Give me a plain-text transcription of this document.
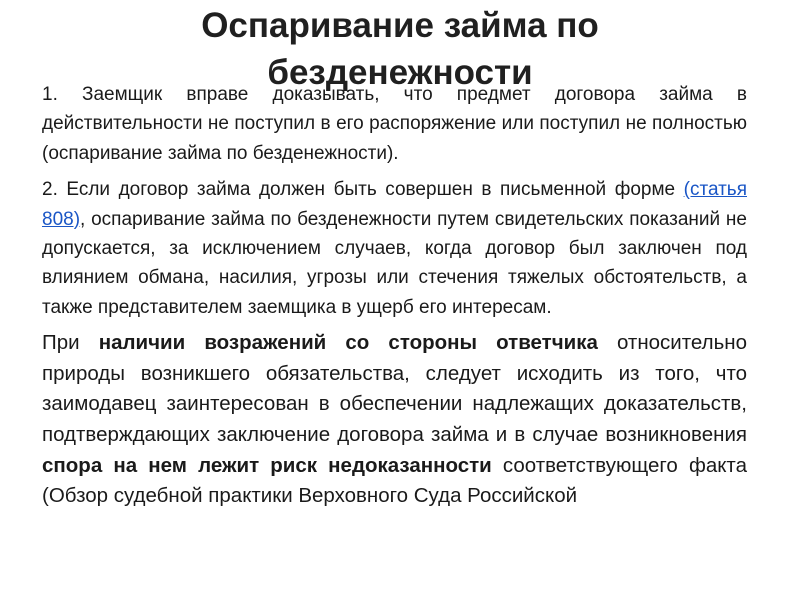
Оспаривание займа по безденежности

1. Заемщик вправе доказывать, что предмет договора займа в действительности не поступил в его распоряжение или поступил не полностью (оспаривание займа по безденежности).

2. Если договор займа должен быть совершен в письменной форме (статья 808), оспаривание займа по безденежности путем свидетельских показаний не допускается, за исключением случаев, когда договор был заключен под влиянием обмана, насилия, угрозы или стечения тяжелых обстоятельств, а также представителем заемщика в ущерб его интересам.

При наличии возражений со стороны ответчика относительно природы возникшего обязательства, следует исходить из того, что заимодавец заинтересован в обеспечении надлежащих доказательств, подтверждающих заключение договора займа и в случае возникновения спора на нем лежит риск недоказанности соответствующего факта (Обзор судебной практики Верховного Суда Российской
